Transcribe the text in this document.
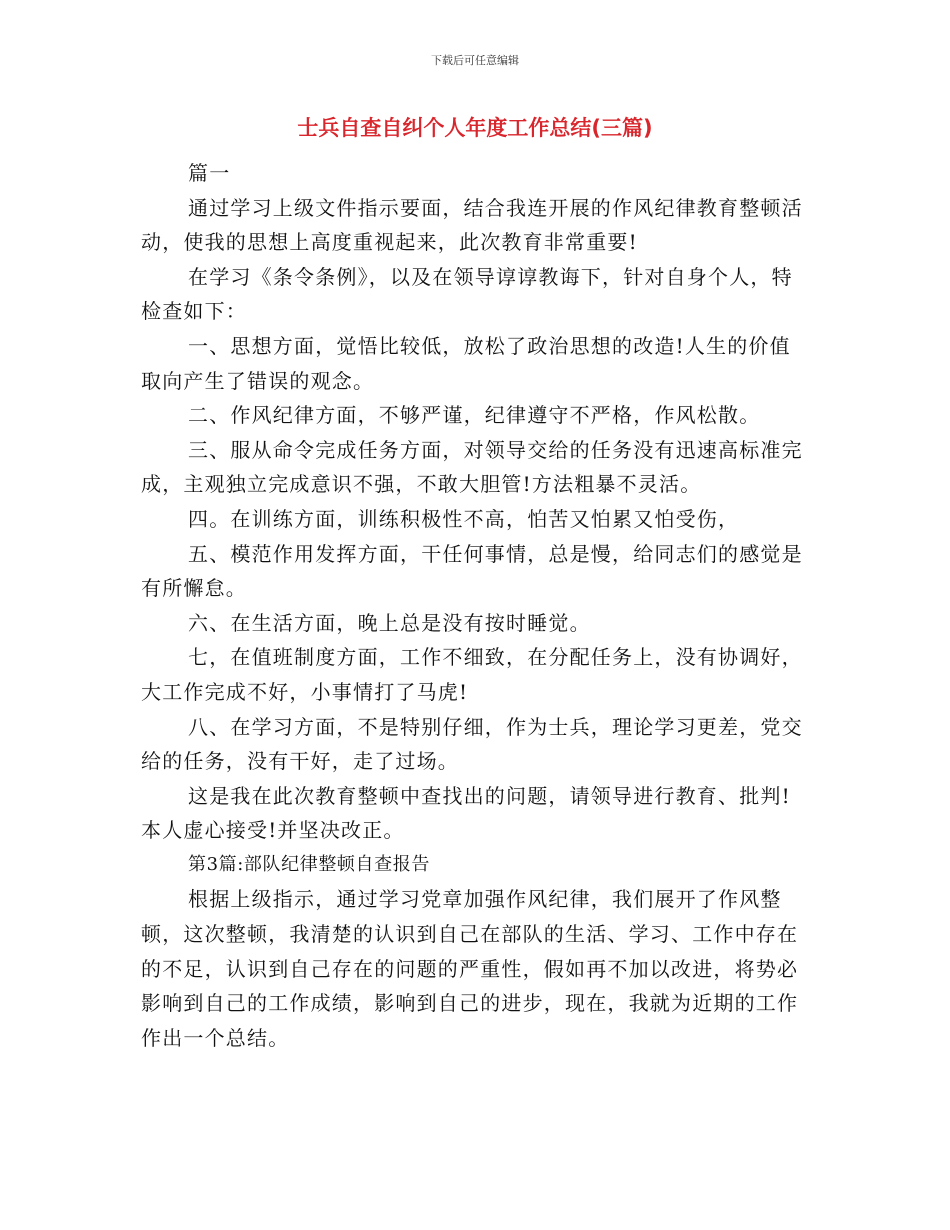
下载后可任意编辑
士兵自查自纠个人年度工作总结(三篇)

篇一

通过学习上级文件指示要面，结合我连开展的作风纪律教育整顿活动，使我的思想上高度重视起来，此次教育非常重要!

在学习《条令条例》，以及在领导谆谆教诲下，针对自身个人，特检查如下：

一、思想方面，觉悟比较低，放松了政治思想的改造!人生的价值取向产生了错误的观念。

二、作风纪律方面，不够严谨，纪律遵守不严格，作风松散。

三、服从命令完成任务方面，对领导交给的任务没有迅速高标准完成，主观独立完成意识不强，不敢大胆管!方法粗暴不灵活。

四。在训练方面，训练积极性不高，怕苦又怕累又怕受伤，

五、模范作用发挥方面，干任何事情，总是慢，给同志们的感觉是有所懈怠。

六、在生活方面，晚上总是没有按时睡觉。

七，在值班制度方面，工作不细致，在分配任务上，没有协调好，大工作完成不好，小事情打了马虎!

八、在学习方面，不是特别仔细，作为士兵，理论学习更差，党交给的任务，没有干好，走了过场。

这是我在此次教育整顿中查找出的问题，请领导进行教育、批判!本人虚心接受!并坚决改正。

第3篇:部队纪律整顿自查报告

根据上级指示，通过学习党章加强作风纪律，我们展开了作风整顿，这次整顿，我清楚的认识到自己在部队的生活、学习、工作中存在的不足，认识到自己存在的问题的严重性，假如再不加以改进，将势必影响到自己的工作成绩，影响到自己的进步，现在，我就为近期的工作作出一个总结。
